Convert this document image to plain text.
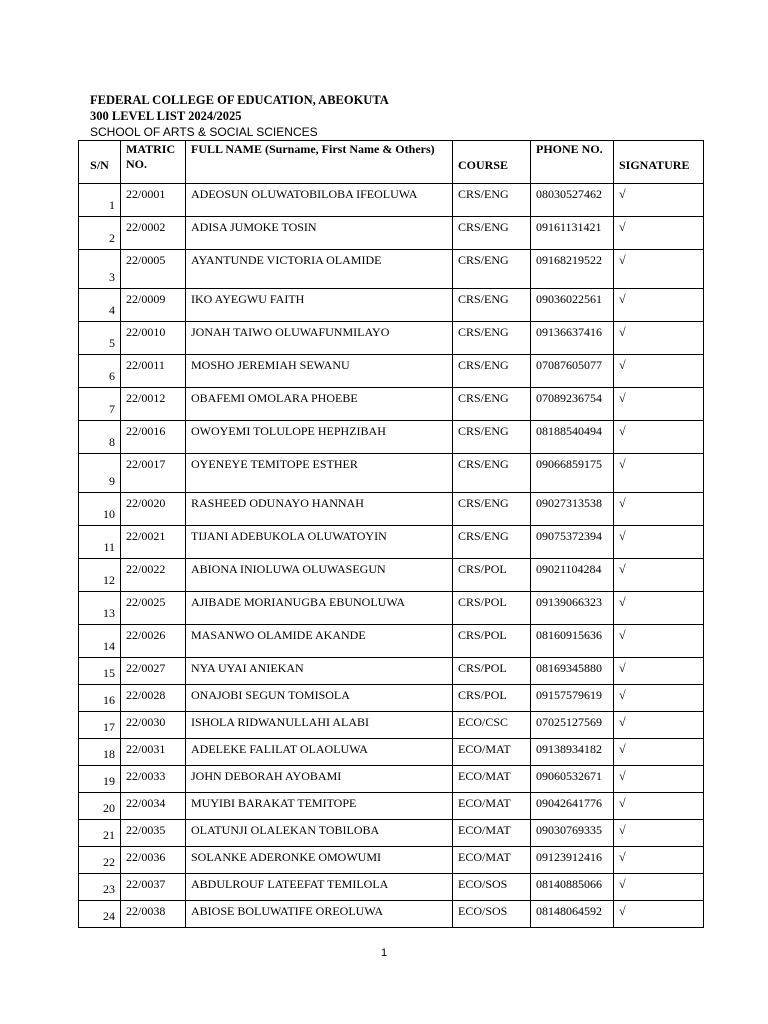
FEDERAL COLLEGE OF EDUCATION, ABEOKUTA
300 LEVEL LIST 2024/2025
SCHOOL OF ARTS & SOCIAL SCIENCES
S/N	MATRIC NO.	FULL NAME (Surname, First Name & Others)	COURSE	PHONE NO.	SIGNATURE
1	22/0001	ADEOSUN OLUWATOBILOBA IFEOLUWA	CRS/ENG	08030527462	√
2	22/0002	ADISA JUMOKE TOSIN	CRS/ENG	09161131421	√
3	22/0005	AYANTUNDE VICTORIA OLAMIDE	CRS/ENG	09168219522	√
4	22/0009	IKO AYEGWU FAITH	CRS/ENG	09036022561	√
5	22/0010	JONAH TAIWO OLUWAFUNMILAYO	CRS/ENG	09136637416	√
6	22/0011	MOSHO JEREMIAH SEWANU	CRS/ENG	07087605077	√
7	22/0012	OBAFEMI OMOLARA PHOEBE	CRS/ENG	07089236754	√
8	22/0016	OWOYEMI TOLULOPE HEPHZIBAH	CRS/ENG	08188540494	√
9	22/0017	OYENEYE TEMITOPE ESTHER	CRS/ENG	09066859175	√
10	22/0020	RASHEED ODUNAYO HANNAH	CRS/ENG	09027313538	√
11	22/0021	TIJANI ADEBUKOLA OLUWATOYIN	CRS/ENG	09075372394	√
12	22/0022	ABIONA INIOLUWA OLUWASEGUN	CRS/POL	09021104284	√
13	22/0025	AJIBADE MORIANUGBA EBUNOLUWA	CRS/POL	09139066323	√
14	22/0026	MASANWO OLAMIDE AKANDE	CRS/POL	08160915636	√
15	22/0027	NYA UYAI ANIEKAN	CRS/POL	08169345880	√
16	22/0028	ONAJOBI SEGUN TOMISOLA	CRS/POL	09157579619	√
17	22/0030	ISHOLA RIDWANULLAHI ALABI	ECO/CSC	07025127569	√
18	22/0031	ADELEKE FALILAT OLAOLUWA	ECO/MAT	09138934182	√
19	22/0033	JOHN DEBORAH AYOBAMI	ECO/MAT	09060532671	√
20	22/0034	MUYIBI BARAKAT TEMITOPE	ECO/MAT	09042641776	√
21	22/0035	OLATUNJI OLALEKAN TOBILOBA	ECO/MAT	09030769335	√
22	22/0036	SOLANKE ADERONKE OMOWUMI	ECO/MAT	09123912416	√
23	22/0037	ABDULROUF LATEEFAT TEMILOLA	ECO/SOS	08140885066	√
24	22/0038	ABIOSE BOLUWATIFE OREOLUWA	ECO/SOS	08148064592	√
1
